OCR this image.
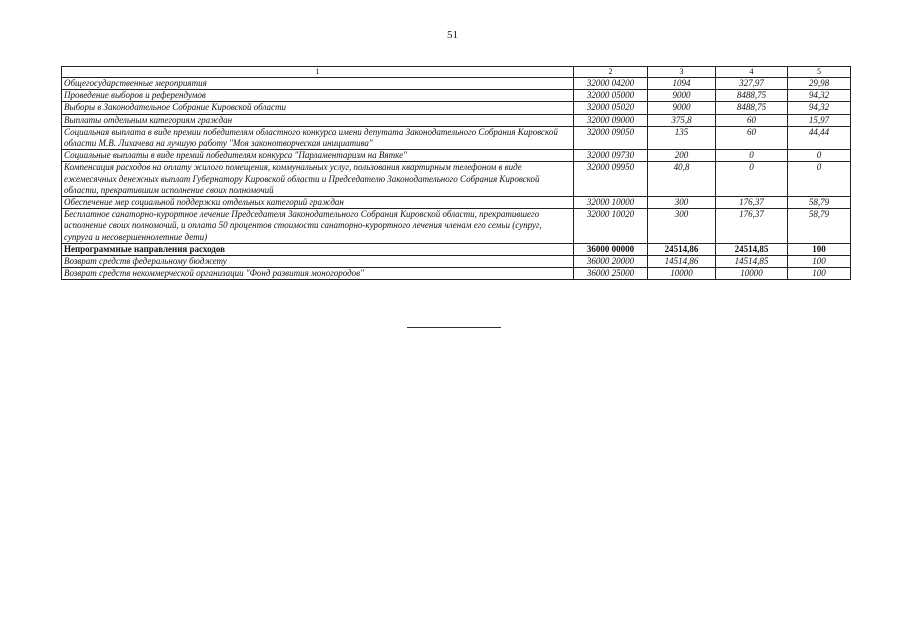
51
1	2	3	4	5
Общегосударственные мероприятия	32000 04200	1094	327,97	29,98
Проведение выборов и референдумов	32000 05000	9000	8488,75	94,32
Выборы в Законодательное Собрание Кировской области	32000 05020	9000	8488,75	94,32
Выплаты отдельным категориям граждан	32000 09000	375,8	60	15,97
Социальная выплата в виде премии победителям областного конкурса имени депутата Законодательного Собрания Кировской области М.В. Лихачева на лучшую работу "Моя законотворческая инициатива"	32000 09050	135	60	44,44
Социальные выплаты в виде премий победителям конкурса "Парламентаризм на Вятке"	32000 09730	200	0	0
Компенсация расходов на оплату жилого помещения, коммунальных услуг, пользования квартирным телефоном в виде ежемесячных денежных выплат Губернатору Кировской области и Председателю Законодательного Собрания Кировской области, прекратившим исполнение своих полномочий	32000 09950	40,8	0	0
Обеспечение мер социальной поддержки отдельных категорий граждан	32000 10000	300	176,37	58,79
Бесплатное санаторно-курортное лечение Председателя Законодательного Собрания Кировской области, прекратившего исполнение своих полномочий, и оплата 50 процентов стоимости санаторно-курортного лечения членам его семьи (супруг, супруга и несовершеннолетние дети)	32000 10020	300	176,37	58,79
Непрограммные направления расходов	36000 00000	24514,86	24514,85	100
Возврат средств федеральному бюджету	36000 20000	14514,86	14514,85	100
Возврат средств некоммерческой организации "Фонд развития моногородов"	36000 25000	10000	10000	100
